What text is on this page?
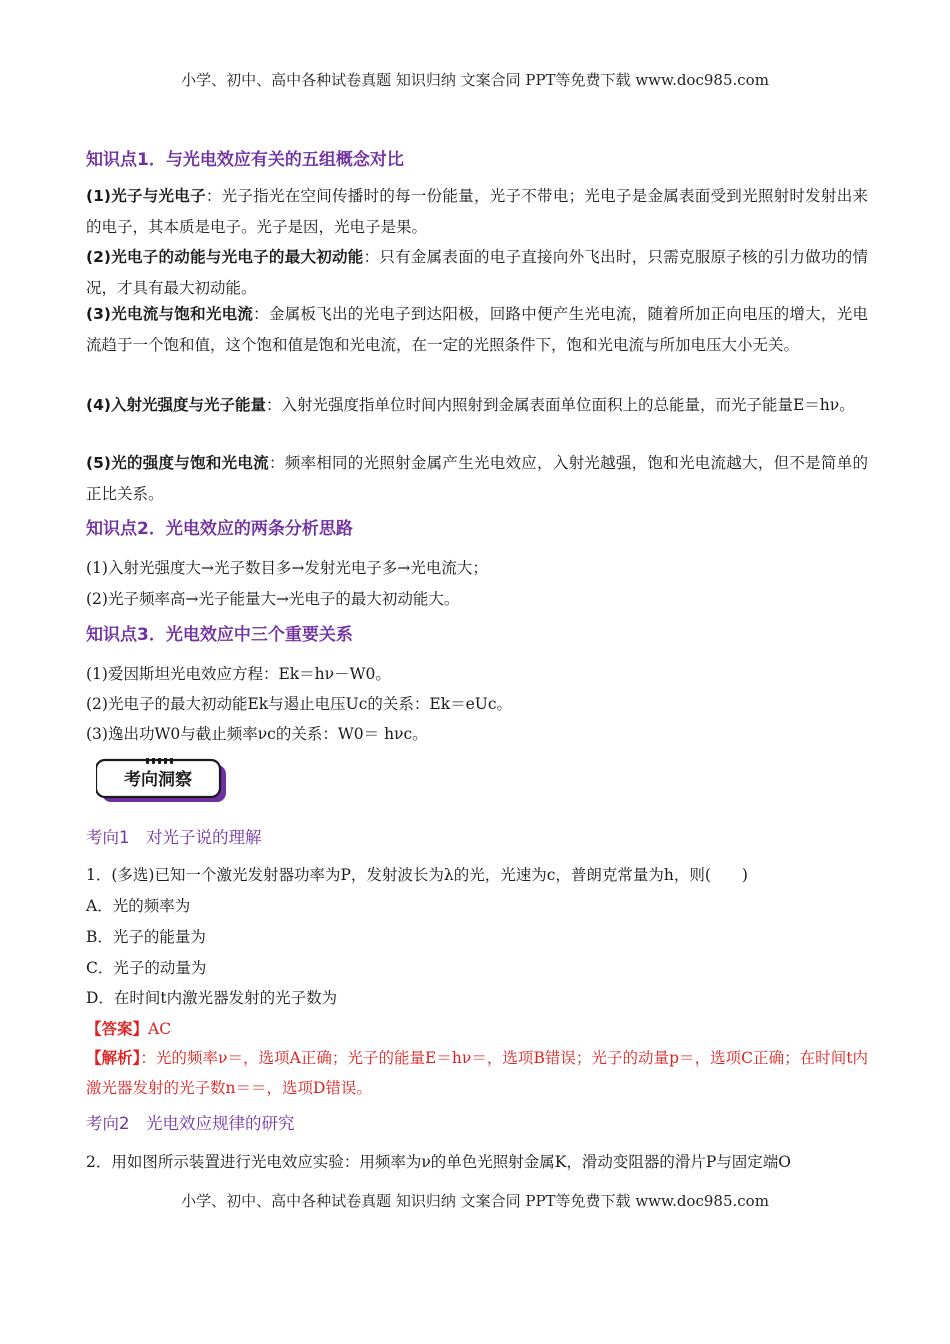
小学、初中、高中各种试卷真题 知识归纳 文案合同 PPT等免费下载 www.doc985.com
知识点1．与光电效应有关的五组概念对比
(1)光子与光电子：光子指光在空间传播时的每一份能量，光子不带电；光电子是金属表面受到光照射时发射出来的电子，其本质是电子。光子是因，光电子是果。
(2)光电子的动能与光电子的最大初动能：只有金属表面的电子直接向外飞出时，只需克服原子核的引力做功的情况，才具有最大初动能。
(3)光电流与饱和光电流：金属板飞出的光电子到达阳极，回路中便产生光电流，随着所加正向电压的增大，光电流趋于一个饱和值，这个饱和值是饱和光电流，在一定的光照条件下，饱和光电流与所加电压大小无关。
(4)入射光强度与光子能量：入射光强度指单位时间内照射到金属表面单位面积上的总能量，而光子能量E＝hν。
(5)光的强度与饱和光电流：频率相同的光照射金属产生光电效应，入射光越强，饱和光电流越大，但不是简单的正比关系。
知识点2．光电效应的两条分析思路
(1)入射光强度大→光子数目多→发射光电子多→光电流大；
(2)光子频率高→光子能量大→光电子的最大初动能大。
知识点3．光电效应中三个重要关系
(1)爱因斯坦光电效应方程：Ek＝hν－W0。
(2)光电子的最大初动能Ek与遏止电压Uc的关系：Ek＝eUc。
(3)逸出功W0与截止频率νc的关系：W0＝ hνc。
考向1　对光子说的理解
1．(多选)已知一个激光发射器功率为P，发射波长为λ的光，光速为c，普朗克常量为h，则(　　)
A．光的频率为
B．光子的能量为
C．光子的动量为
D．在时间t内激光器发射的光子数为
【答案】AC
【解析】：光的频率ν＝，选项A正确；光子的能量E＝hν＝，选项B错误；光子的动量p＝，选项C正确；在时间t内激光器发射的光子数n＝＝，选项D错误。
考向2　光电效应规律的研究
2．用如图所示装置进行光电效应实验：用频率为ν的单色光照射金属K，滑动变阻器的滑片P与固定端O
考向洞察
小学、初中、高中各种试卷真题 知识归纳 文案合同 PPT等免费下载 www.doc985.com
